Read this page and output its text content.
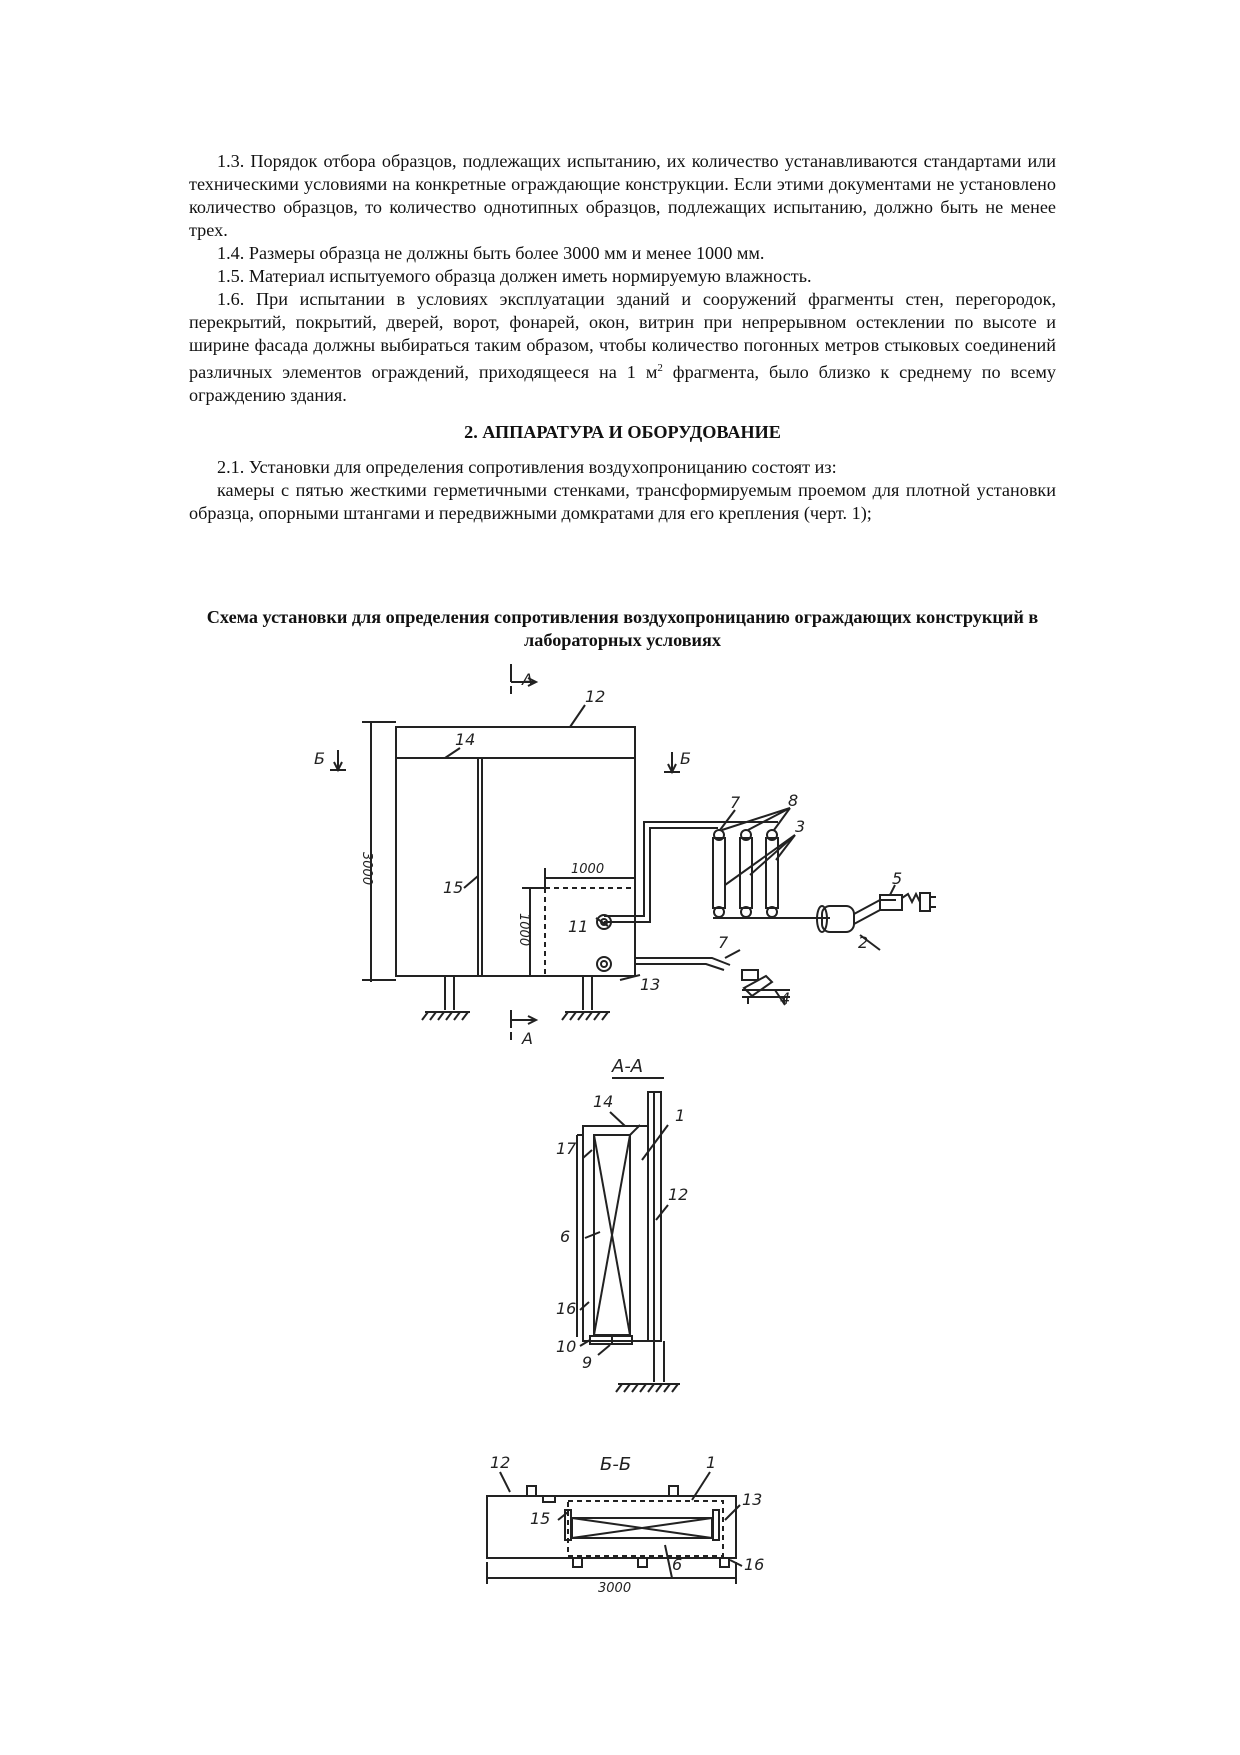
1.3. Порядок отбора образцов, подлежащих испытанию, их количество устанавливаются стандартами или техническими условиями на конкретные ограждающие конструкции. Если этими документами не установлено количество образцов, то количество однотипных образцов, подлежащих испытанию, должно быть не менее трех.

1.4. Размеры образца не должны быть более 3000 мм и менее 1000 мм.

1.5. Материал испытуемого образца должен иметь нормируемую влажность.

1.6. При испытании в условиях эксплуатации зданий и сооружений фрагменты стен, перегородок, перекрытий, покрытий, дверей, ворот, фонарей, окон, витрин при непрерывном остеклении по высоте и ширине фасада должны выбираться таким образом, чтобы количество погонных метров стыковых соединений различных элементов ограждений, приходящееся на 1 $м^2$ фрагмента, было близко к среднему по всему ограждению здания.

2. АППАРАТУРА И ОБОРУДОВАНИЕ

2.1. Установки для определения сопротивления воздухопроницанию состоят из:

камеры с пятью жесткими герметичными стенками, трансформируемым проемом для плотной установки образца, опорными штангами и передвижными домкратами для его крепления (черт. 1);

Схема установки для определения сопротивления воздухопроницанию ограждающих конструкций в лабораторных условиях
А
А
Б	Б
12
14
15
11
13
7	8
3
5
2
7
4
3000	1000
1000
А-А
14
1
17
12
6
16
10
9
Б-Б
12	1
15
13
6	16
3000
